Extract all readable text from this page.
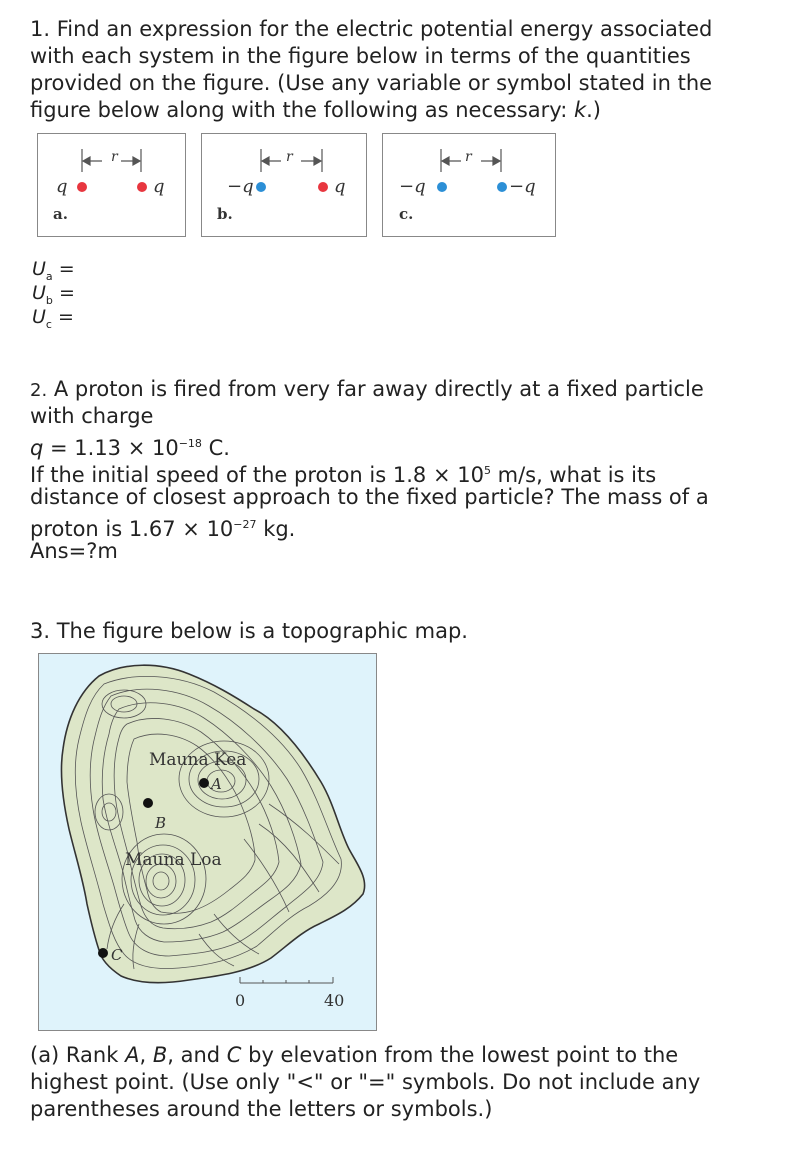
1. Find an expression for the electric potential energy associated

with each system in the figure below in terms of the quantities

provided on the figure. (Use any variable or symbol stated in the

figure below along with the following as necessary: k.)

r
q	q
a.
r
−q	q
b.
r
−q	−q
c.
$U_a$ =
$U_b$ =
$U_c$ =

2. A proton is fired from very far away directly at a fixed particle

with charge

$q = 1.13 \times 10^{-18}$ C.

If the initial speed of the proton is $1.8 \times 10^5$ m/s, what is its

distance of closest approach to the fixed particle? The mass of a

proton is $1.67 \times 10^{-27}$ kg.

Ans=?m

3. The figure below is a topographic map.

Mauna Kea
Mauna Loa
A
B
C
0	40

(a) Rank A, B, and C by elevation from the lowest point to the

highest point. (Use only "<" or "=" symbols. Do not include any

parentheses around the letters or symbols.)
